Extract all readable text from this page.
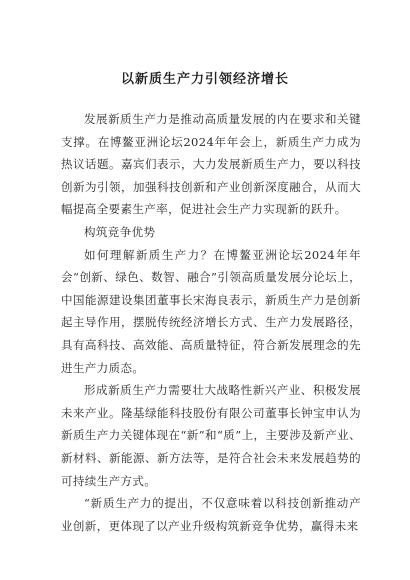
以新质生产力引领经济增长

发展新质生产力是推动高质量发展的内在要求和关键支撑。在博鳌亚洲论坛2024年年会上，新质生产力成为热议话题。嘉宾们表示，大力发展新质生产力，要以科技创新为引领，加强科技创新和产业创新深度融合，从而大幅提高全要素生产率，促进社会生产力实现新的跃升。

构筑竞争优势

如何理解新质生产力？在博鳌亚洲论坛2024年年会“创新、绿色、数智、融合”引领高质量发展分论坛上，中国能源建设集团董事长宋海良表示，新质生产力是创新起主导作用，摆脱传统经济增长方式、生产力发展路径，具有高科技、高效能、高质量特征，符合新发展理念的先进生产力质态。

形成新质生产力需要壮大战略性新兴产业、积极发展未来产业。隆基绿能科技股份有限公司董事长钟宝申认为新质生产力关键体现在“新”和“质”上，主要涉及新产业、新材料、新能源、新方法等，是符合社会未来发展趋势的可持续生产方式。

“新质生产力的提出，不仅意味着以科技创新推动产业创新，更体现了以产业升级构筑新竞争优势，赢得未来
